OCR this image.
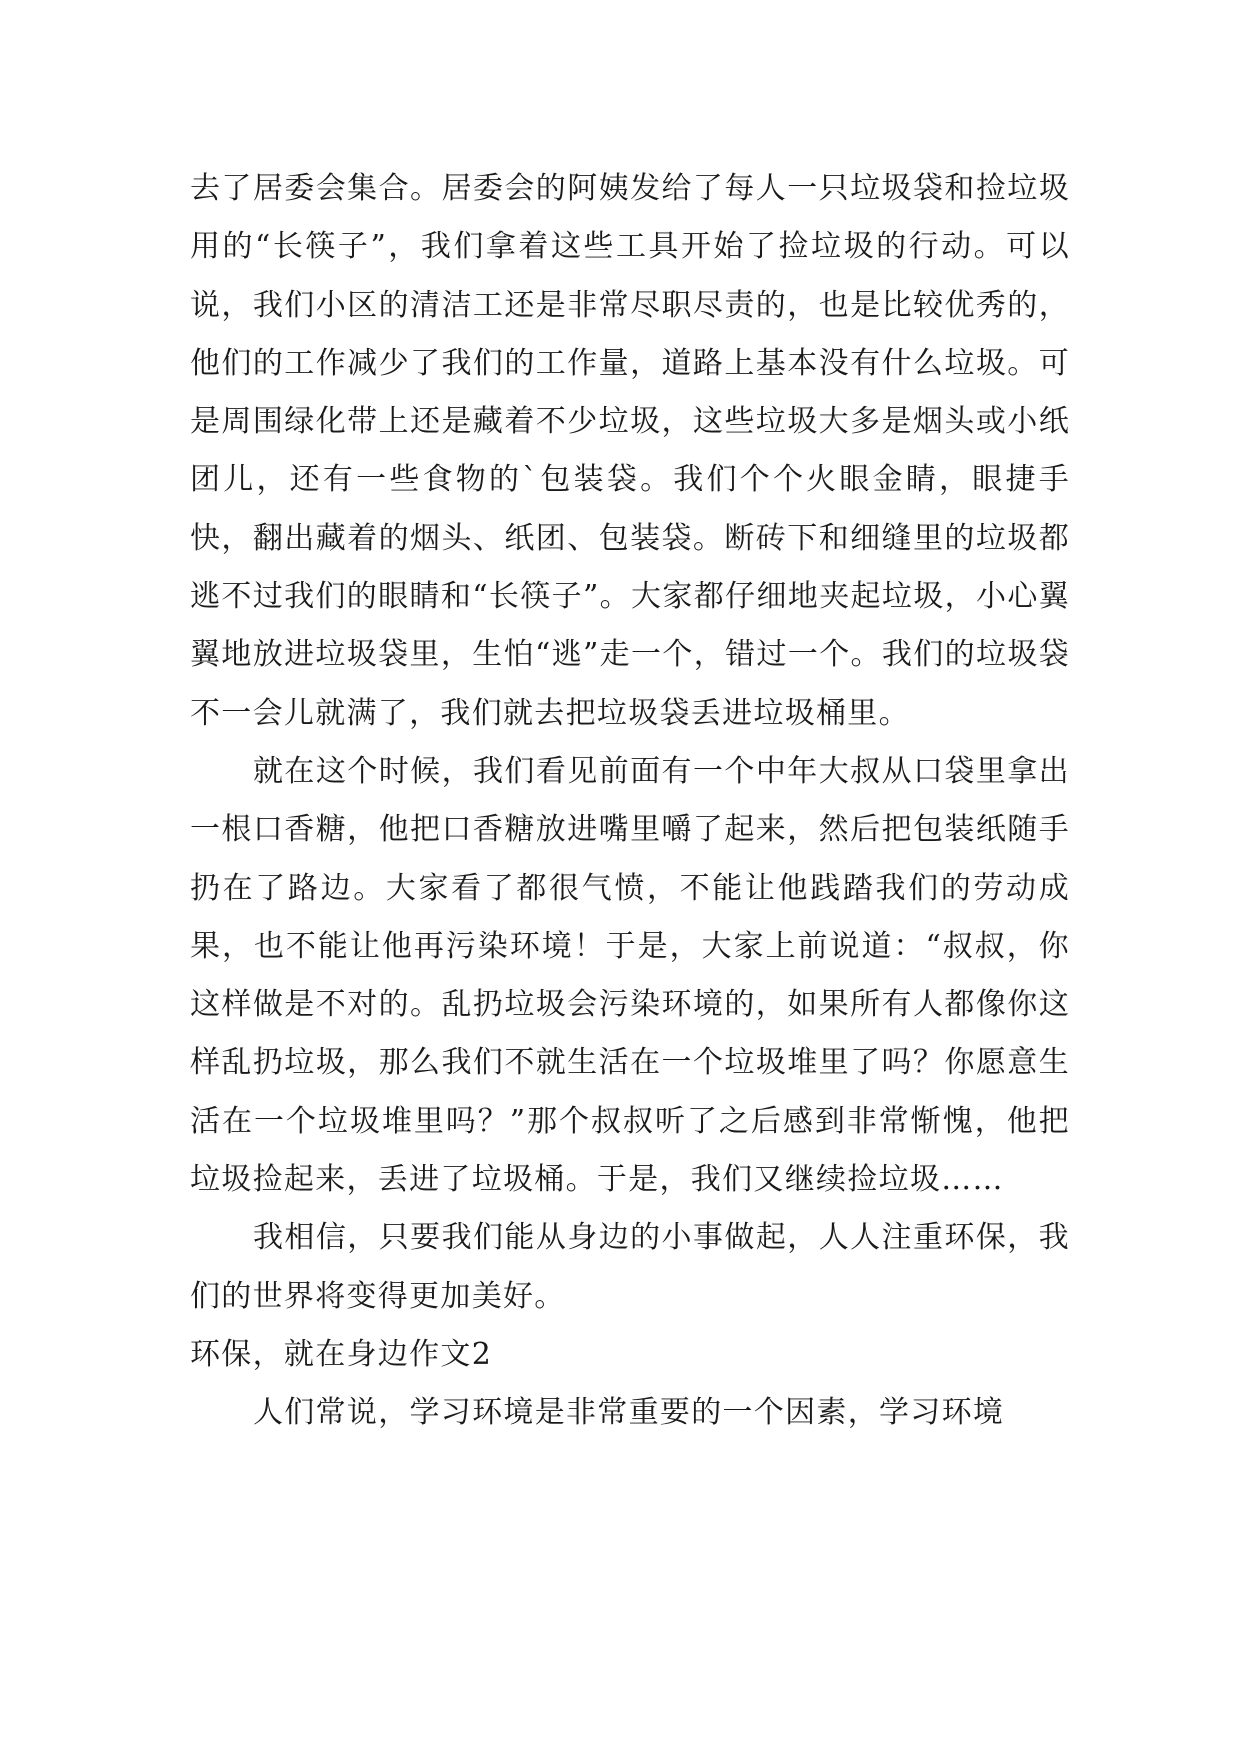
去了居委会集合。居委会的阿姨发给了每人一只垃圾袋和捡垃圾用的“长筷子”，我们拿着这些工具开始了捡垃圾的行动。可以说，我们小区的清洁工还是非常尽职尽责的，也是比较优秀的，他们的工作减少了我们的工作量，道路上基本没有什么垃圾。可是周围绿化带上还是藏着不少垃圾，这些垃圾大多是烟头或小纸团儿，还有一些食物的`包装袋。我们个个火眼金睛，眼捷手快，翻出藏着的烟头、纸团、包装袋。断砖下和细缝里的垃圾都逃不过我们的眼睛和“长筷子”。大家都仔细地夹起垃圾，小心翼翼地放进垃圾袋里，生怕“逃”走一个，错过一个。我们的垃圾袋不一会儿就满了，我们就去把垃圾袋丢进垃圾桶里。

就在这个时候，我们看见前面有一个中年大叔从口袋里拿出一根口香糖，他把口香糖放进嘴里嚼了起来，然后把包装纸随手扔在了路边。大家看了都很气愤，不能让他践踏我们的劳动成果，也不能让他再污染环境！于是，大家上前说道：“叔叔，你这样做是不对的。乱扔垃圾会污染环境的，如果所有人都像你这样乱扔垃圾，那么我们不就生活在一个垃圾堆里了吗？你愿意生活在一个垃圾堆里吗？”那个叔叔听了之后感到非常惭愧，他把垃圾捡起来，丢进了垃圾桶。于是，我们又继续捡垃圾……

我相信，只要我们能从身边的小事做起，人人注重环保，我们的世界将变得更加美好。

环保，就在身边作文2

人们常说，学习环境是非常重要的一个因素，学习环境
